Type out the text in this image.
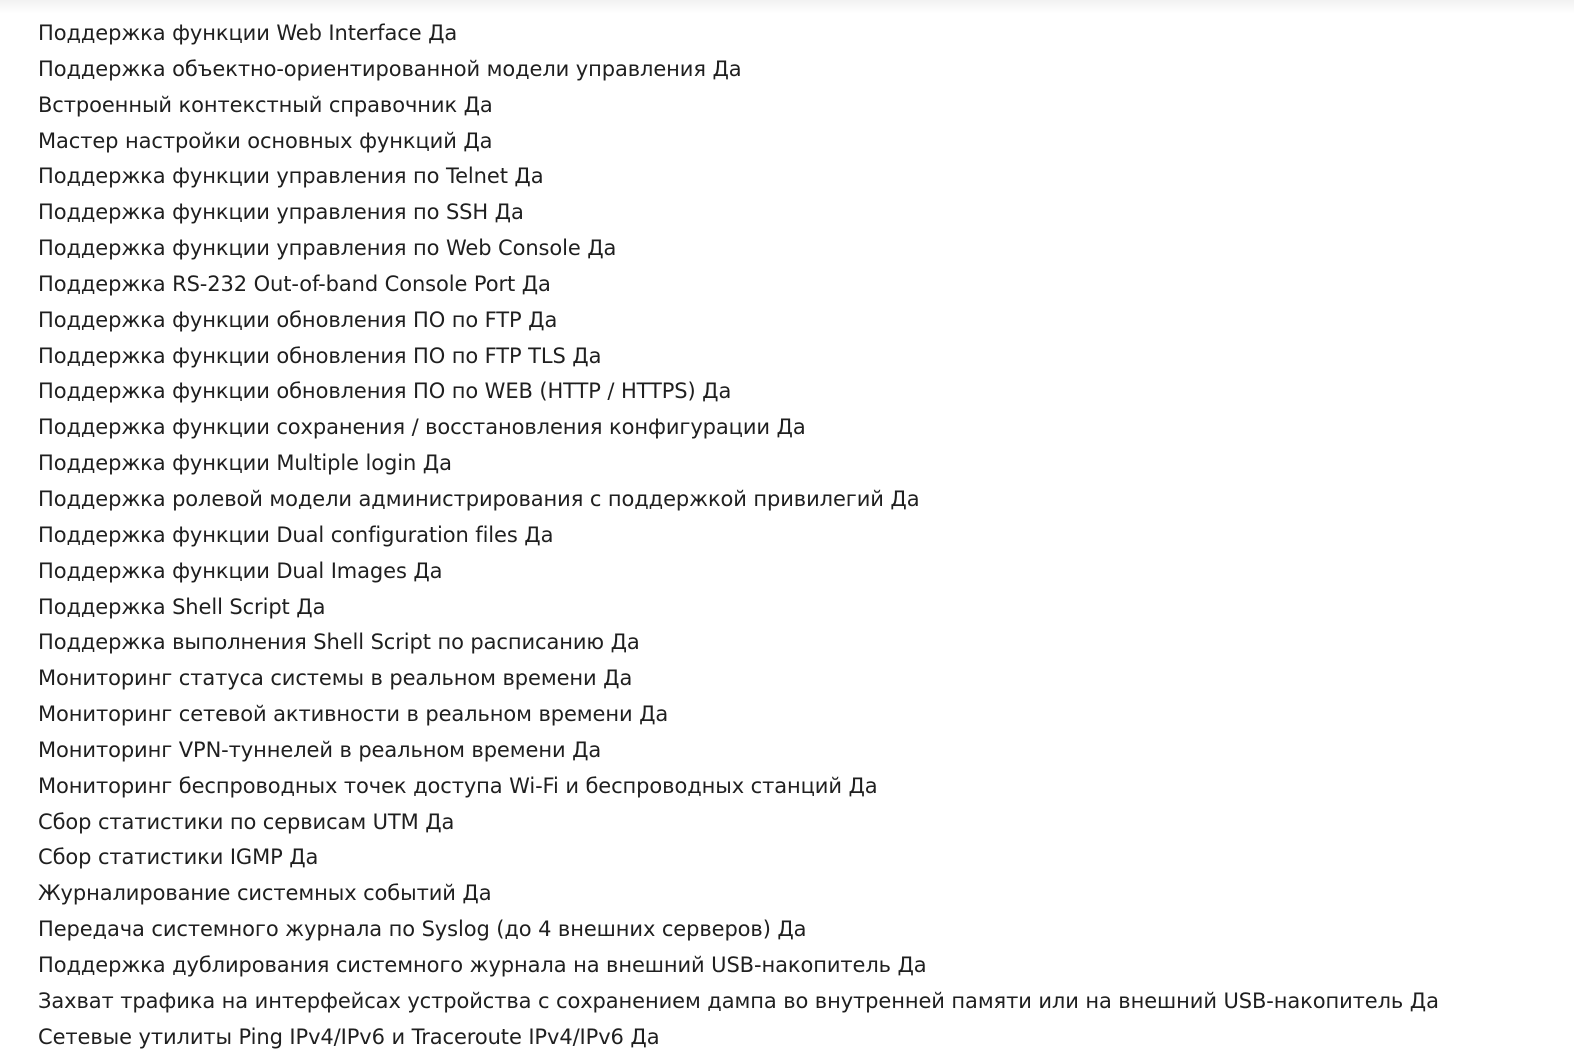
Поддержка функции Web Interface Да
Поддержка объектно-ориентированной модели управления Да
Встроенный контекстный справочник Да
Мастер настройки основных функций Да
Поддержка функции управления по Telnet Да
Поддержка функции управления по SSH Да
Поддержка функции управления по Web Console Да
Поддержка RS-232 Out-of-band Console Port Да
Поддержка функции обновления ПО по FTP Да
Поддержка функции обновления ПО по FTP TLS Да
Поддержка функции обновления ПО по WEB (HTTP / HTTPS) Да
Поддержка функции сохранения / восстановления конфигурации Да
Поддержка функции Multiple login Да
Поддержка ролевой модели администрирования с поддержкой привилегий Да
Поддержка функции Dual configuration files Да
Поддержка функции Dual Images Да
Поддержка Shell Script Да
Поддержка выполнения Shell Script по расписанию Да
Мониторинг статуса системы в реальном времени Да
Мониторинг сетевой активности в реальном времени Да
Мониторинг VPN-туннелей в реальном времени Да
Мониторинг беспроводных точек доступа Wi-Fi и беспроводных станций Да
Сбор статистики по сервисам UTM Да
Сбор статистики IGMP Да
Журналирование системных событий Да
Передача системного журнала по Syslog (до 4 внешних серверов) Да
Поддержка дублирования системного журнала на внешний USB-накопитель Да
Захват трафика на интерфейсах устройства с сохранением дампа во внутренней памяти или на внешний USB-накопитель Да
Сетевые утилиты Ping IPv4/IPv6 и Traceroute IPv4/IPv6 Да
